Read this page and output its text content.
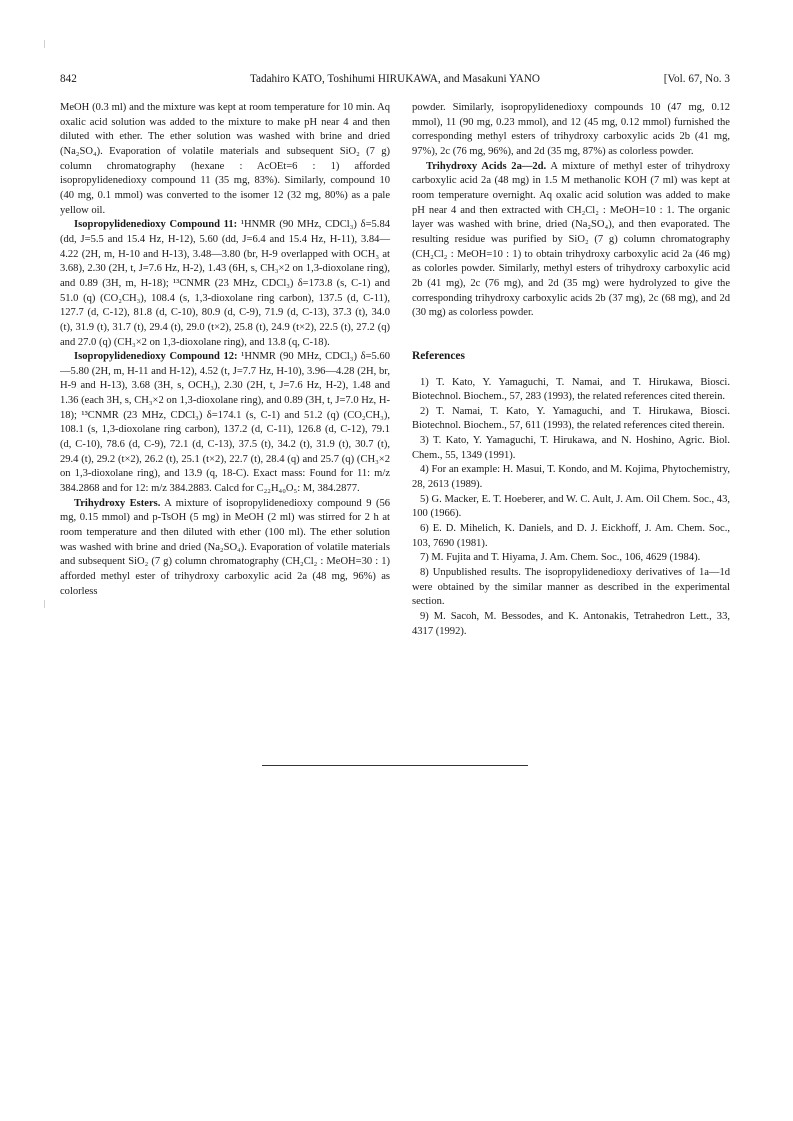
842	Tadahiro KATO, Toshihumi HIRUKAWA, and Masakuni YANO	[Vol. 67, No. 3

MeOH (0.3 ml) and the mixture was kept at room temperature for 10 min. Aq oxalic acid solution was added to the mixture to make pH near 4 and then diluted with ether. The ether solution was washed with brine and dried (Na₂SO₄). Evaporation of volatile materials and subsequent SiO₂ (7 g) column chromatography (hexane : AcOEt=6 : 1) afforded isopropylidenedioxy compound 11 (35 mg, 83%). Similarly, compound 10 (40 mg, 0.1 mmol) was converted to the isomer 12 (32 mg, 80%) as a pale yellow oil.

Isopropylidenedioxy Compound 11: ¹HNMR (90 MHz, CDCl₃) δ=5.84 (dd, J=5.5 and 15.4 Hz, H-12), 5.60 (dd, J=6.4 and 15.4 Hz, H-11), 3.84—4.22 (2H, m, H-10 and H-13), 3.48—3.80 (br, H-9 overlapped with OCH₃ at 3.68), 2.30 (2H, t, J=7.6 Hz, H-2), 1.43 (6H, s, CH₃×2 on 1,3-dioxolane ring), and 0.89 (3H, m, H-18); ¹³CNMR (23 MHz, CDCl₃) δ=173.8 (s, C-1) and 51.0 (q) (CO₂CH₃), 108.4 (s, 1,3-dioxolane ring carbon), 137.5 (d, C-11), 127.7 (d, C-12), 81.8 (d, C-10), 80.9 (d, C-9), 71.9 (d, C-13), 37.3 (t), 34.0 (t), 31.9 (t), 31.7 (t), 29.4 (t), 29.0 (t×2), 25.8 (t), 24.9 (t×2), 22.5 (t), 27.2 (q) and 27.0 (q) (CH₃×2 on 1,3-dioxolane ring), and 13.8 (q, C-18).

Isopropylidenedioxy Compound 12: ¹HNMR (90 MHz, CDCl₃) δ=5.60—5.80 (2H, m, H-11 and H-12), 4.52 (t, J=7.7 Hz, H-10), 3.96—4.28 (2H, br, H-9 and H-13), 3.68 (3H, s, OCH₃), 2.30 (2H, t, J=7.6 Hz, H-2), 1.48 and 1.36 (each 3H, s, CH₃×2 on 1,3-dioxolane ring), and 0.89 (3H, t, J=7.0 Hz, H-18); ¹³CNMR (23 MHz, CDCl₃) δ=174.1 (s, C-1) and 51.2 (q) (CO₂CH₃), 108.1 (s, 1,3-dioxolane ring carbon), 137.2 (d, C-11), 126.8 (d, C-12), 79.1 (d, C-10), 78.6 (d, C-9), 72.1 (d, C-13), 37.5 (t), 34.2 (t), 31.9 (t), 30.7 (t), 29.4 (t), 29.2 (t×2), 26.2 (t), 25.1 (t×2), 22.7 (t), 28.4 (q) and 25.7 (q) (CH₃×2 on 1,3-dioxolane ring), and 13.9 (q, 18-C). Exact mass: Found for 11: m/z 384.2868 and for 12: m/z 384.2883. Calcd for C₂₂H₄₀O₅: M, 384.2877.

Trihydroxy Esters. A mixture of isopropylidenedioxy compound 9 (56 mg, 0.15 mmol) and p-TsOH (5 mg) in MeOH (2 ml) was stirred for 2 h at room temperature and then diluted with ether (100 ml). The ether solution was washed with brine and dried (Na₂SO₄). Evaporation of volatile materials and subsequent SiO₂ (7 g) column chromatography (CH₂Cl₂ : MeOH=30 : 1) afforded methyl ester of trihydroxy carboxylic acid 2a (48 mg, 96%) as colorless

powder. Similarly, isopropylidenedioxy compounds 10 (47 mg, 0.12 mmol), 11 (90 mg, 0.23 mmol), and 12 (45 mg, 0.12 mmol) furnished the corresponding methyl esters of trihydroxy carboxylic acids 2b (41 mg, 97%), 2c (76 mg, 96%), and 2d (35 mg, 87%) as colorless powder.

Trihydroxy Acids 2a—2d. A mixture of methyl ester of trihydroxy carboxylic acid 2a (48 mg) in 1.5 M methanolic KOH (7 ml) was kept at room temperature overnight. Aq oxalic acid solution was added to make pH near 4 and then extracted with CH₂Cl₂ : MeOH=10 : 1. The organic layer was washed with brine, dried (Na₂SO₄), and then evaporated. The resulting residue was purified by SiO₂ (7 g) column chromatography (CH₂Cl₂ : MeOH=10 : 1) to obtain trihydroxy carboxylic acid 2a (46 mg) as colorles powder. Similarly, methyl esters of trihydroxy carboxylic acid 2b (41 mg), 2c (76 mg), and 2d (35 mg) were hydrolyzed to give the corresponding trihydroxy carboxylic acids 2b (37 mg), 2c (68 mg), and 2d (30 mg) as colorless powder.

References

1) T. Kato, Y. Yamaguchi, T. Namai, and T. Hirukawa, Biosci. Biotechnol. Biochem., 57, 283 (1993), the related references cited therein.

2) T. Namai, T. Kato, Y. Yamaguchi, and T. Hirukawa, Biosci. Biotechnol. Biochem., 57, 611 (1993), the related references cited therein.

3) T. Kato, Y. Yamaguchi, T. Hirukawa, and N. Hoshino, Agric. Biol. Chem., 55, 1349 (1991).

4) For an example: H. Masui, T. Kondo, and M. Kojima, Phytochemistry, 28, 2613 (1989).

5) G. Macker, E. T. Hoeberer, and W. C. Ault, J. Am. Oil Chem. Soc., 43, 100 (1966).

6) E. D. Mihelich, K. Daniels, and D. J. Eickhoff, J. Am. Chem. Soc., 103, 7690 (1981).

7) M. Fujita and T. Hiyama, J. Am. Chem. Soc., 106, 4629 (1984).

8) Unpublished results. The isopropylidenedioxy derivatives of 1a—1d were obtained by the similar manner as described in the experimental section.

9) M. Sacoh, M. Bessodes, and K. Antonakis, Tetrahedron Lett., 33, 4317 (1992).
